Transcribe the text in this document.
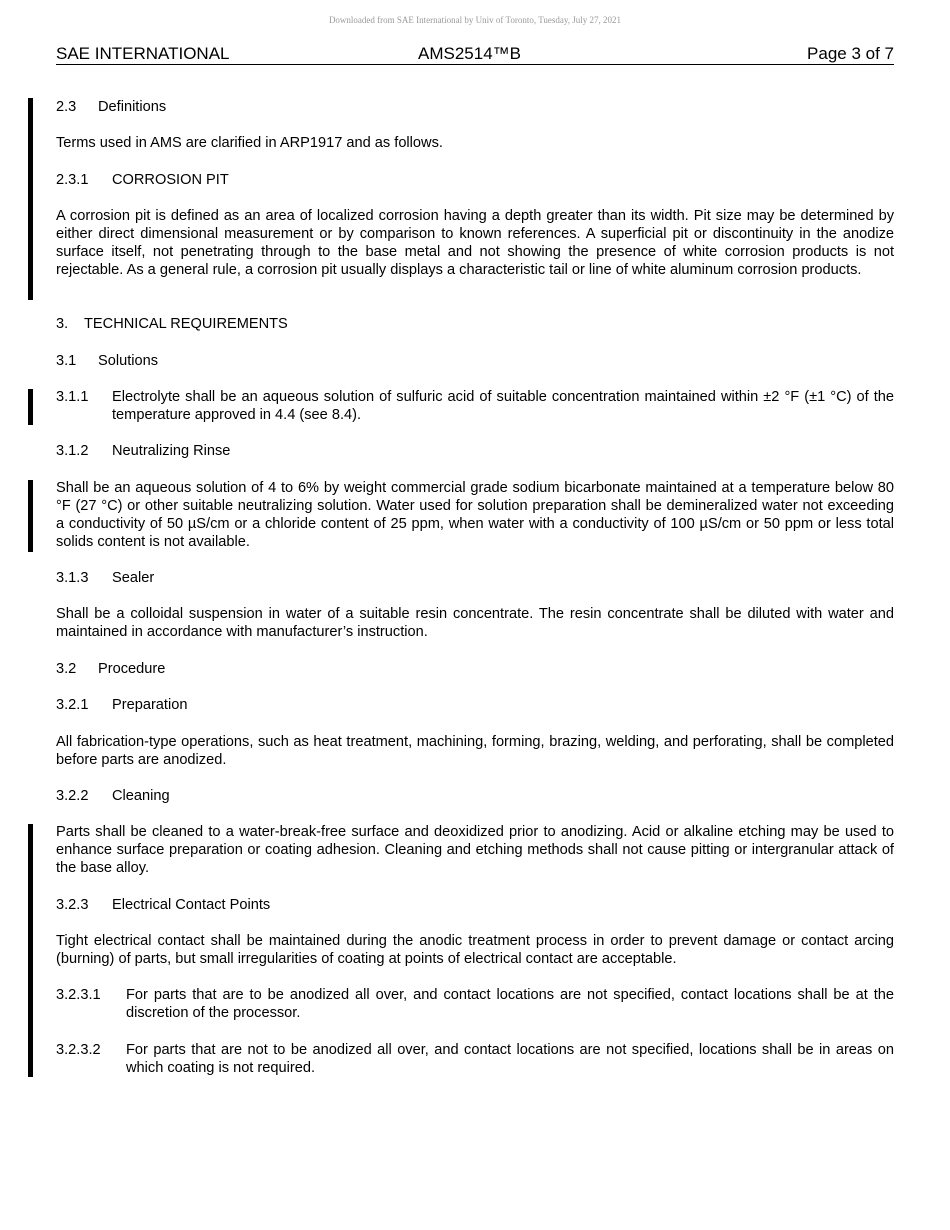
Downloaded from SAE International by Univ of Toronto, Tuesday, July 27, 2021
SAE INTERNATIONAL	AMS2514™B	Page 3 of 7
2.3 Definitions
Terms used in AMS are clarified in ARP1917 and as follows.
2.3.1 CORROSION PIT
A corrosion pit is defined as an area of localized corrosion having a depth greater than its width. Pit size may be determined by either direct dimensional measurement or by comparison to known references. A superficial pit or discontinuity in the anodize surface itself, not penetrating through to the base metal and not showing the presence of white corrosion products is not rejectable. As a general rule, a corrosion pit usually displays a characteristic tail or line of white aluminum corrosion products.
3. TECHNICAL REQUIREMENTS
3.1 Solutions
3.1.1	Electrolyte shall be an aqueous solution of sulfuric acid of suitable concentration maintained within ±2 °F (±1 °C) of the temperature approved in 4.4 (see 8.4).
3.1.2 Neutralizing Rinse
Shall be an aqueous solution of 4 to 6% by weight commercial grade sodium bicarbonate maintained at a temperature below 80 °F (27 °C) or other suitable neutralizing solution. Water used for solution preparation shall be demineralized water not exceeding a conductivity of 50 µS/cm or a chloride content of 25 ppm, when water with a conductivity of 100 µS/cm or 50 ppm or less total solids content is not available.
3.1.3 Sealer
Shall be a colloidal suspension in water of a suitable resin concentrate. The resin concentrate shall be diluted with water and maintained in accordance with manufacturer’s instruction.
3.2 Procedure
3.2.1 Preparation
All fabrication-type operations, such as heat treatment, machining, forming, brazing, welding, and perforating, shall be completed before parts are anodized.
3.2.2 Cleaning
Parts shall be cleaned to a water-break-free surface and deoxidized prior to anodizing. Acid or alkaline etching may be used to enhance surface preparation or coating adhesion. Cleaning and etching methods shall not cause pitting or intergranular attack of the base alloy.
3.2.3 Electrical Contact Points
Tight electrical contact shall be maintained during the anodic treatment process in order to prevent damage or contact arcing (burning) of parts, but small irregularities of coating at points of electrical contact are acceptable.
3.2.3.1	For parts that are to be anodized all over, and contact locations are not specified, contact locations shall be at the discretion of the processor.
3.2.3.2	For parts that are not to be anodized all over, and contact locations are not specified, locations shall be in areas on which coating is not required.
